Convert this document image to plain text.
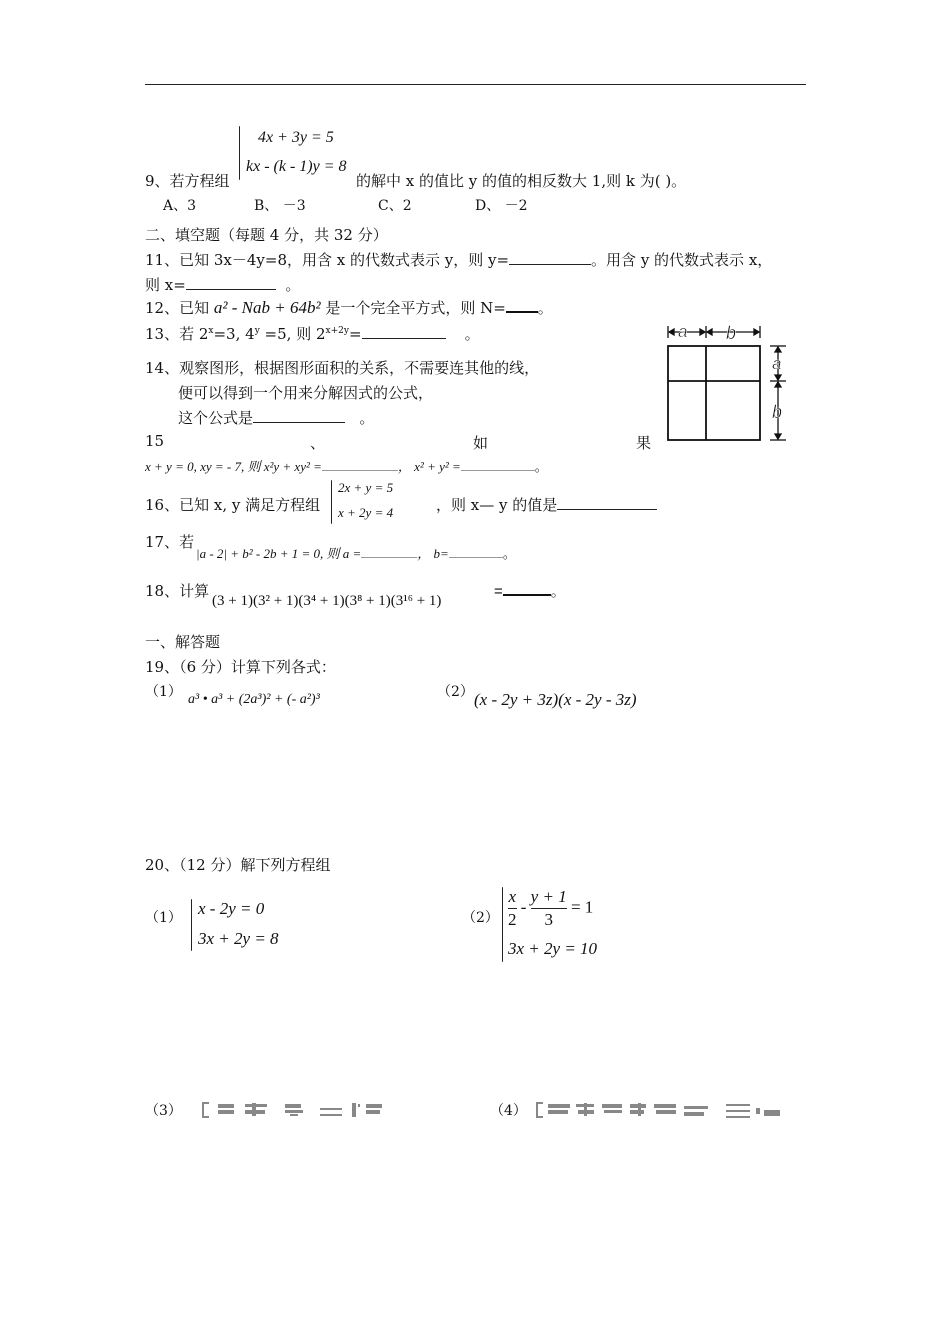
4x + 3y = 5
kx - (k - 1)y = 8
9、若方程组	的解中 x 的值比 y 的值的相反数大 1,则 k 为( )。
A、3	B、 －3	C、2	D、 －2
二、填空题（每题 4 分，共 32 分）
11、已知 3x－4y=8，用含 x 的代数式表示 y，则 y=	。用含 y 的代数式表示 x，
则 x=	。
12、已知 a² - Nab + 64b² 是一个完全平方式，则 N= 。
13、若 $2^x=3$, $4^y =5$, 则 $2^{x+2y}=$	。
14、观察图形，根据图形面积的关系，不需要连其他的线，
便可以得到一个用来分解因式的公式，
这个公式是	。
a b
a
b
15	、	如	果
x + y = 0, xy = - 7, 则 x²y + xy² =	， x² + y² =	。
2x + y = 5
x + 2y = 4
16、已知 x, y 满足方程组	，则 x— y 的值是
17、若
|a - 2| + b² - 2b + 1 = 0, 则 a =	， b=	。
18、计算
(3 + 1)(3² + 1)(3⁴ + 1)(3⁸ + 1)(3¹⁶ + 1)
=	。
一、解答题
19、（6 分）计算下列各式：
（1） a³ • a³ + (2a³)² + (- a²)³	（2） (x - 2y + 3z)(x - 2y - 3z)
20、（12 分）解下列方程组
（1） x - 2y = 0
3x + 2y = 8
$(2) \frac{x}{2} - \frac{y + 1}{3} = 1$
3x + 2y = 10
（3）	（4）
